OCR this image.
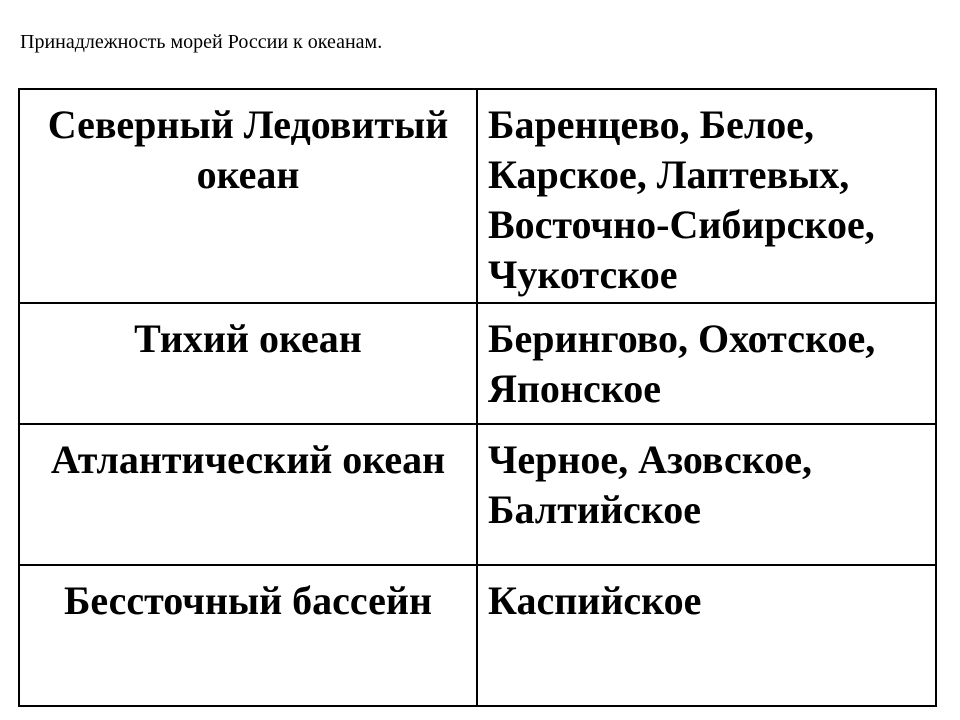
Принадлежность морей России к океанам.
Северный Ледовитый океан	Баренцево, Белое, Карское, Лаптевых, Восточно-Сибирское, Чукотское
Тихий океан	Берингово, Охотское, Японское
Атлантический океан	Черное, Азовское, Балтийское
Бессточный бассейн	Каспийское
